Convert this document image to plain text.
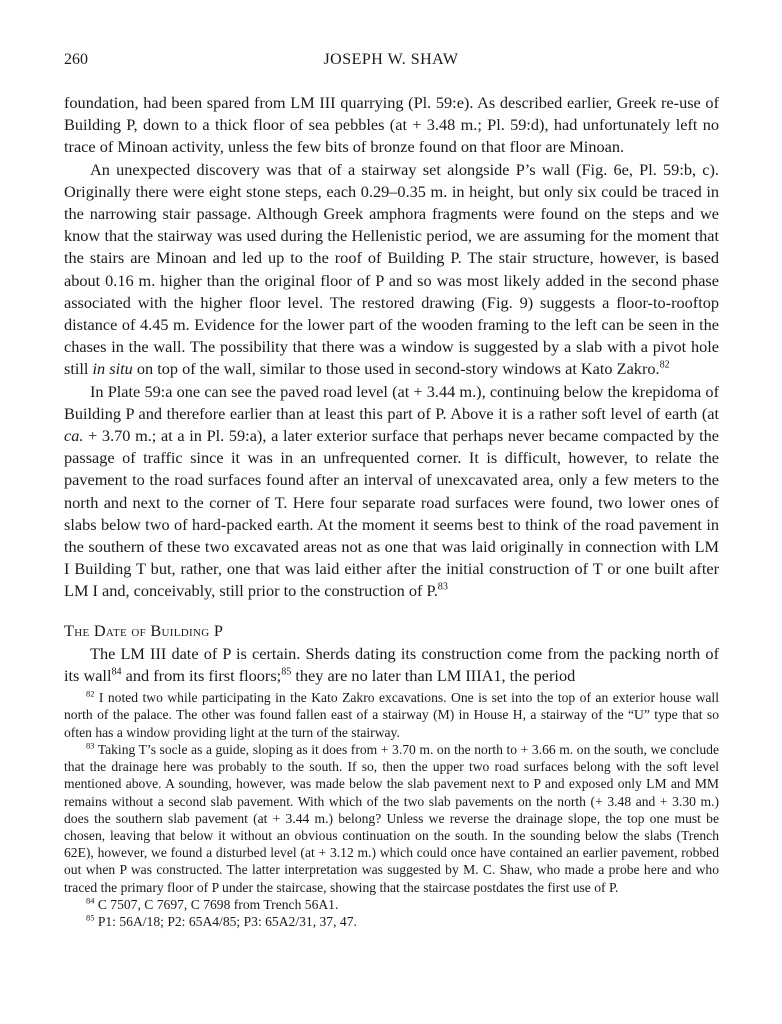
260	JOSEPH W. SHAW

foundation, had been spared from LM III quarrying (Pl. 59:e). As described earlier, Greek re-use of Building P, down to a thick floor of sea pebbles (at + 3.48 m.; Pl. 59:d), had unfortunately left no trace of Minoan activity, unless the few bits of bronze found on that floor are Minoan.

An unexpected discovery was that of a stairway set alongside P’s wall (Fig. 6e, Pl. 59:b, c). Originally there were eight stone steps, each 0.29–0.35 m. in height, but only six could be traced in the narrowing stair passage. Although Greek amphora fragments were found on the steps and we know that the stairway was used during the Hellenistic period, we are assuming for the moment that the stairs are Minoan and led up to the roof of Building P. The stair structure, however, is based about 0.16 m. higher than the original floor of P and so was most likely added in the second phase associated with the higher floor level. The restored drawing (Fig. 9) suggests a floor-to-rooftop distance of 4.45 m. Evidence for the lower part of the wooden framing to the left can be seen in the chases in the wall. The possibility that there was a window is suggested by a slab with a pivot hole still in situ on top of the wall, similar to those used in second-story windows at Kato Zakro.$^{82}$

In Plate 59:a one can see the paved road level (at + 3.44 m.), continuing below the krepidoma of Building P and therefore earlier than at least this part of P. Above it is a rather soft level of earth (at ca. + 3.70 m.; at a in Pl. 59:a), a later exterior surface that perhaps never became compacted by the passage of traffic since it was in an unfrequented corner. It is difficult, however, to relate the pavement to the road surfaces found after an interval of unexcavated area, only a few meters to the north and next to the corner of T. Here four separate road surfaces were found, two lower ones of slabs below two of hard-packed earth. At the moment it seems best to think of the road pavement in the southern of these two excavated areas not as one that was laid originally in connection with LM I Building T but, rather, one that was laid either after the initial construction of T or one built after LM I and, conceivably, still prior to the construction of P.$^{83}$

The Date of Building P

The LM III date of P is certain. Sherds dating its construction come from the packing north of its wall$^{84}$ and from its first floors;$^{85}$ they are no later than LM IIIA1, the period

$^{82}$ I noted two while participating in the Kato Zakro excavations. One is set into the top of an exterior house wall north of the palace. The other was found fallen east of a stairway (M) in House H, a stairway of the “U” type that so often has a window providing light at the turn of the stairway.

$^{83}$ Taking T’s socle as a guide, sloping as it does from + 3.70 m. on the north to + 3.66 m. on the south, we conclude that the drainage here was probably to the south. If so, then the upper two road surfaces belong with the soft level mentioned above. A sounding, however, was made below the slab pavement next to P and exposed only LM and MM remains without a second slab pavement. With which of the two slab pavements on the north (+ 3.48 and + 3.30 m.) does the southern slab pavement (at + 3.44 m.) belong? Unless we reverse the drainage slope, the top one must be chosen, leaving that below it without an obvious continuation on the south. In the sounding below the slabs (Trench 62E), however, we found a disturbed level (at + 3.12 m.) which could once have contained an earlier pavement, robbed out when P was constructed. The latter interpretation was suggested by M. C. Shaw, who made a probe here and who traced the primary floor of P under the staircase, showing that the staircase postdates the first use of P.

$^{84}$ C 7507, C 7697, C 7698 from Trench 56A1.

$^{85}$ P1: 56A/18; P2: 65A4/85; P3: 65A2/31, 37, 47.
